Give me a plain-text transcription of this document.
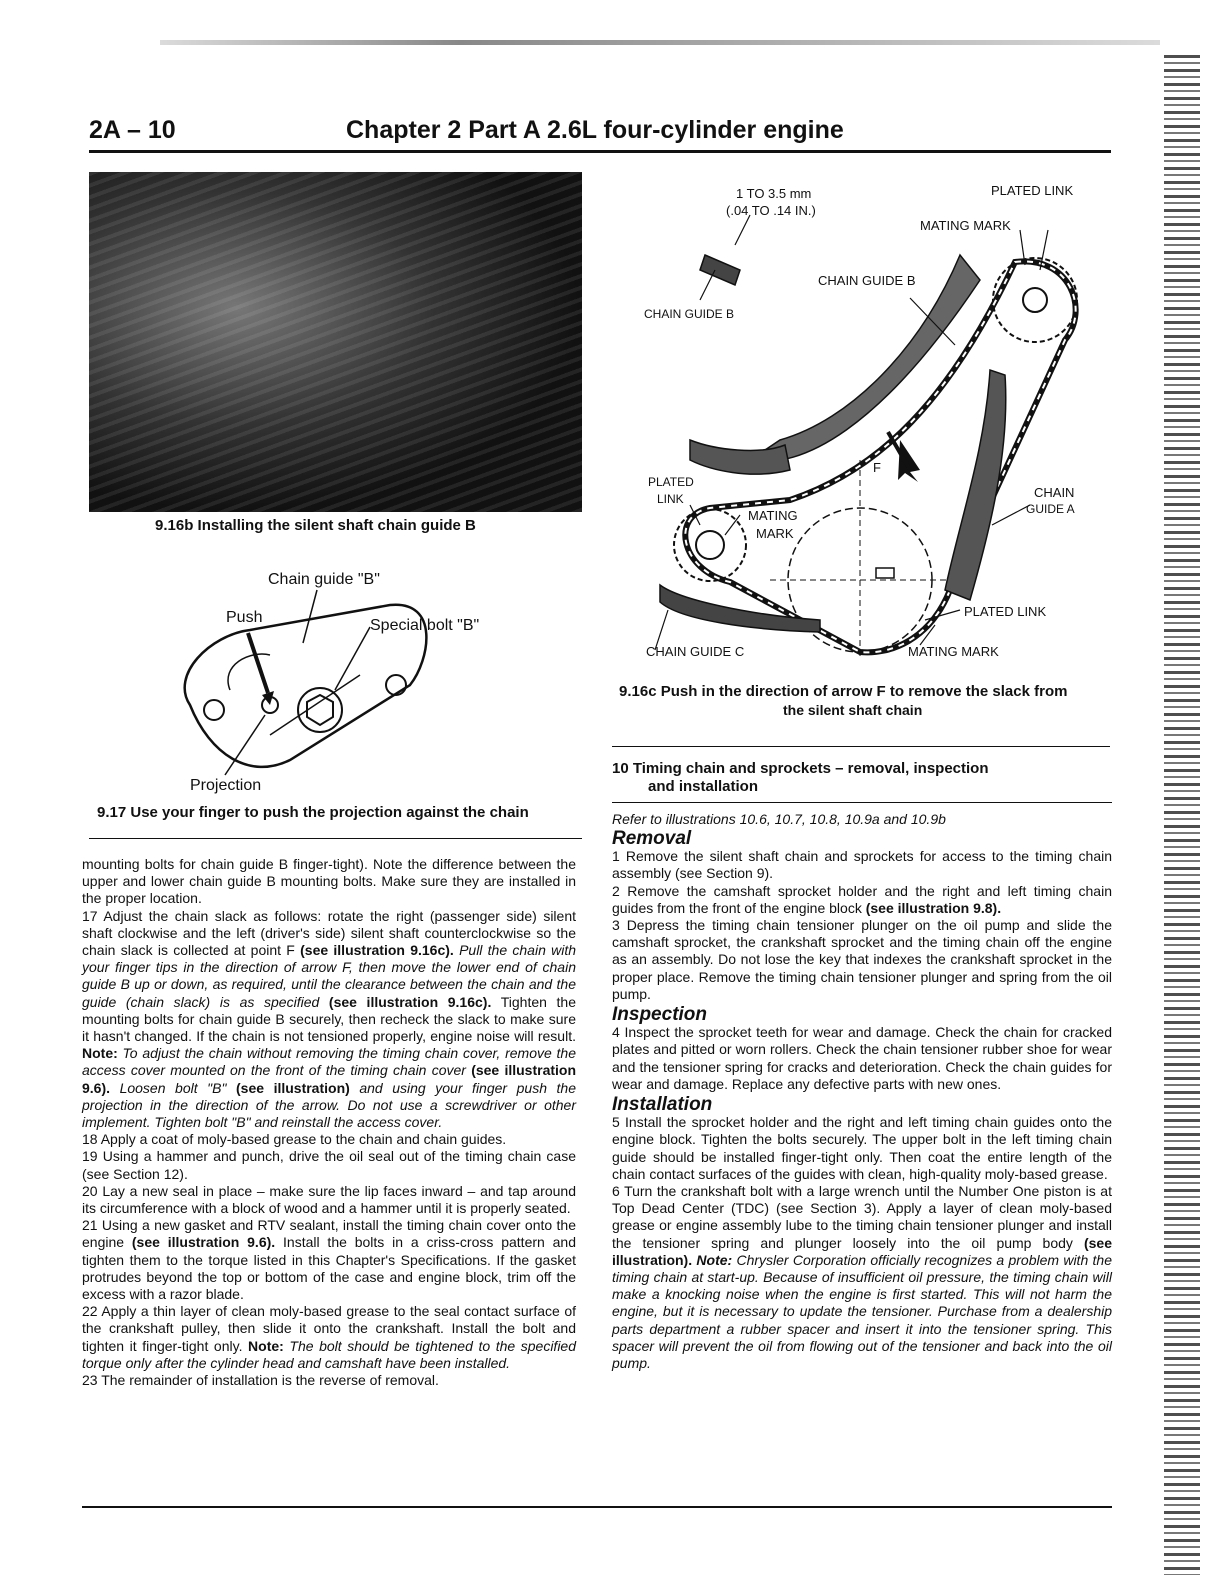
2A – 10	Chapter 2 Part A 2.6L four-cylinder engine
9.16b Installing the silent shaft chain guide B
Chain guide "B"
Push	Special bolt "B"
Projection
9.17 Use your finger to push the projection against the chain
1 TO 3.5 mm
(.04 TO .14 IN.)
PLATED LINK
MATING MARK
CHAIN GUIDE B
CHAIN GUIDE B
PLATED
LINK
MATING
MARK
F
CHAIN
GUIDE A
PLATED LINK
CHAIN GUIDE C	MATING MARK
9.16c Push in the direction of arrow F to remove the slack from
the silent shaft chain

mounting bolts for chain guide B finger-tight). Note the difference between the upper and lower chain guide B mounting bolts. Make sure they are installed in the proper location.

17 Adjust the chain slack as follows: rotate the right (passenger side) silent shaft clockwise and the left (driver's side) silent shaft counterclockwise so the chain slack is collected at point F (see illustration 9.16c). Pull the chain with your finger tips in the direction of arrow F, then move the lower end of chain guide B up or down, as required, until the clearance between the chain and the guide (chain slack) is as specified (see illustration 9.16c). Tighten the mounting bolts for chain guide B securely, then recheck the slack to make sure it hasn't changed. If the chain is not tensioned properly, engine noise will result. Note: To adjust the chain without removing the timing chain cover, remove the access cover mounted on the front of the timing chain cover (see illustration 9.6). Loosen bolt "B" (see illustration) and using your finger push the projection in the direction of the arrow. Do not use a screwdriver or other implement. Tighten bolt "B" and reinstall the access cover.

18 Apply a coat of moly-based grease to the chain and chain guides.

19 Using a hammer and punch, drive the oil seal out of the timing chain case (see Section 12).

20 Lay a new seal in place – make sure the lip faces inward – and tap around its circumference with a block of wood and a hammer until it is properly seated.

21 Using a new gasket and RTV sealant, install the timing chain cover onto the engine (see illustration 9.6). Install the bolts in a criss-cross pattern and tighten them to the torque listed in this Chapter's Specifications. If the gasket protrudes beyond the top or bottom of the case and engine block, trim off the excess with a razor blade.

22 Apply a thin layer of clean moly-based grease to the seal contact surface of the crankshaft pulley, then slide it onto the crankshaft. Install the bolt and tighten it finger-tight only. Note: The bolt should be tightened to the specified torque only after the cylinder head and camshaft have been installed.

23 The remainder of installation is the reverse of removal.

10 Timing chain and sprockets – removal, inspection
and installation
Refer to illustrations 10.6, 10.7, 10.8, 10.9a and 10.9b
Removal

1 Remove the silent shaft chain and sprockets for access to the timing chain assembly (see Section 9).

2 Remove the camshaft sprocket holder and the right and left timing chain guides from the front of the engine block (see illustration 9.8).

3 Depress the timing chain tensioner plunger on the oil pump and slide the camshaft sprocket, the crankshaft sprocket and the timing chain off the engine as an assembly. Do not lose the key that indexes the crankshaft sprocket in the proper place. Remove the timing chain tensioner plunger and spring from the oil pump.

Inspection

4 Inspect the sprocket teeth for wear and damage. Check the chain for cracked plates and pitted or worn rollers. Check the chain tensioner rubber shoe for wear and the tensioner spring for cracks and deterioration. Check the chain guides for wear and damage. Replace any defective parts with new ones.

Installation

5 Install the sprocket holder and the right and left timing chain guides onto the engine block. Tighten the bolts securely. The upper bolt in the left timing chain guide should be installed finger-tight only. Then coat the entire length of the chain contact surfaces of the guides with clean, high-quality moly-based grease.

6 Turn the crankshaft bolt with a large wrench until the Number One piston is at Top Dead Center (TDC) (see Section 3). Apply a layer of clean moly-based grease or engine assembly lube to the timing chain tensioner plunger and install the tensioner spring and plunger loosely into the oil pump body (see illustration). Note: Chrysler Corporation officially recognizes a problem with the timing chain at start-up. Because of insufficient oil pressure, the timing chain will make a knocking noise when the engine is first started. This will not harm the engine, but it is necessary to update the tensioner. Purchase from a dealership parts department a rubber spacer and insert it into the tensioner spring. This spacer will prevent the oil from flowing out of the tensioner and back into the oil pump.
